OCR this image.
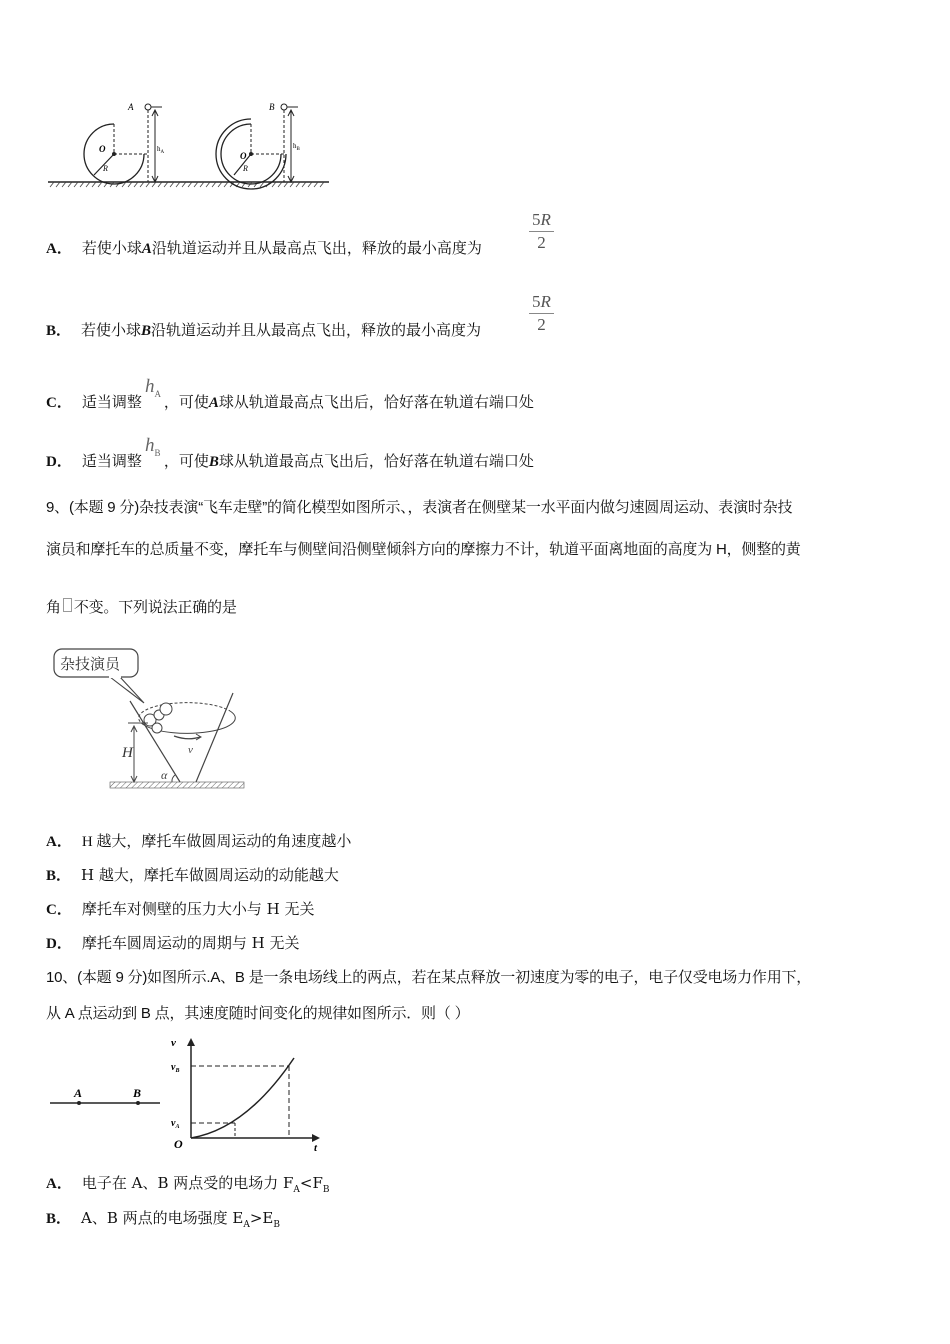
A
O
R
$h_A$
B
O
R
$h_B$
A． 若使小球A沿轨道运动并且从最高点飞出，释放的最小高度为
5R
2
B． 若使小球B沿轨道运动并且从最高点飞出，释放的最小高度为
5R
2
C． 适当调整 ，可使A球从轨道最高点飞出后，恰好落在轨道右端口处
$h_A$
D． 适当调整 ，可使B球从轨道最高点飞出后，恰好落在轨道右端口处
$h_B$
9、(本题 9 分)杂技表演“飞车走壁”的简化模型如图所示、，表演者在侧壁某一水平面内做匀速圆周运动、表演时杂技
演员和摩托车的总质量不变，摩托车与侧壁间沿侧壁倾斜方向的摩擦力不计，轨道平面离地面的高度为 H，侧整的黄
角 不变。下列说法正确的是
杂技演员
v
H
α
A． H 越大，摩托车做圆周运动的角速度越小
B． H 越大，摩托车做圆周运动的动能越大
C． 摩托车对侧壁的压力大小与 H 无关
D． 摩托车圆周运动的周期与 H 无关
10、(本题 9 分)如图所示.A、B 是一条电场线上的两点，若在某点释放一初速度为零的电子，电子仅受电场力作用下，
从 A 点运动到 B 点，其速度随时间变化的规律如图所示．则（ ）
A	B
v
t
O
$v_B$
$v_A$
A． 电子在 A、B 两点受的电场力 $F_A<F_B$
B． A、B 两点的电场强度 $E_A>E_B$
